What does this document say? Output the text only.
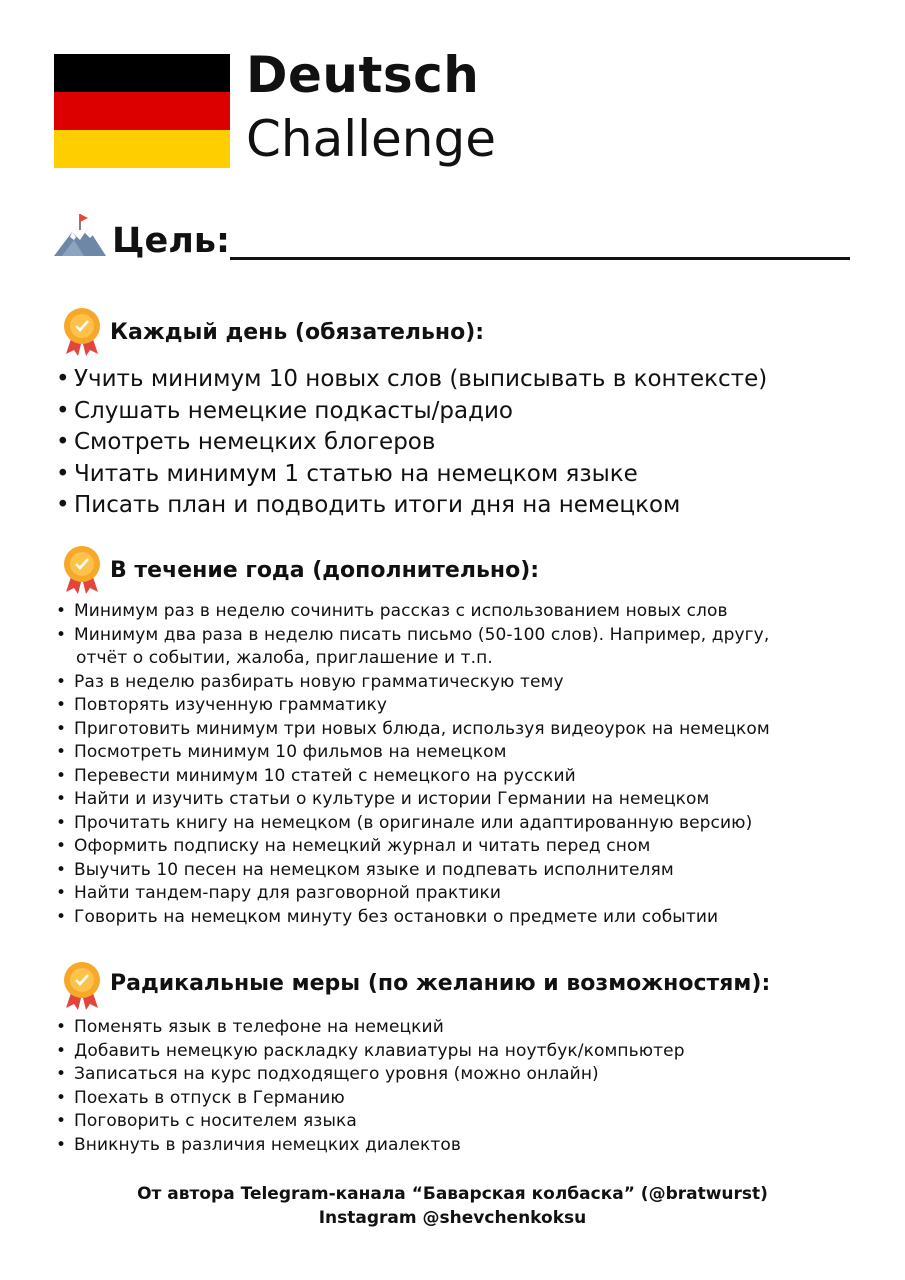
Deutsch
Challenge
Цель:
Каждый день (обязательно):
• Учить минимум 10 новых слов (выписывать в контексте)
• Слушать немецкие подкасты/радио
• Смотреть немецких блогеров
• Читать минимум 1 статью на немецком языке
• Писать план и подводить итоги дня на немецком
В течение года (дополнительно):
• Минимум раз в неделю сочинить рассказ с использованием новых слов
• Минимум два раза в неделю писать письмо (50-100 слов). Например, другу,
отчёт о событии, жалоба, приглашение и т.п.
• Раз в неделю разбирать новую грамматическую тему
• Повторять изученную грамматику
• Приготовить минимум три новых блюда, используя видеоурок на немецком
• Посмотреть минимум 10 фильмов на немецком
• Перевести минимум 10 статей с немецкого на русский
• Найти и изучить статьи о культуре и истории Германии на немецком
• Прочитать книгу на немецком (в оригинале или адаптированную версию)
• Оформить подписку на немецкий журнал и читать перед сном
• Выучить 10 песен на немецком языке и подпевать исполнителям
• Найти тандем-пару для разговорной практики
• Говорить на немецком минуту без остановки о предмете или событии
Радикальные меры (по желанию и возможностям):
• Поменять язык в телефоне на немецкий
• Добавить немецкую раскладку клавиатуры на ноутбук/компьютер
• Записаться на курс подходящего уровня (можно онлайн)
• Поехать в отпуск в Германию
• Поговорить с носителем языка
• Вникнуть в различия немецких диалектов
От автора Telegram-канала “Баварская колбаска” (@bratwurst)
Instagram @shevchenkoksu
